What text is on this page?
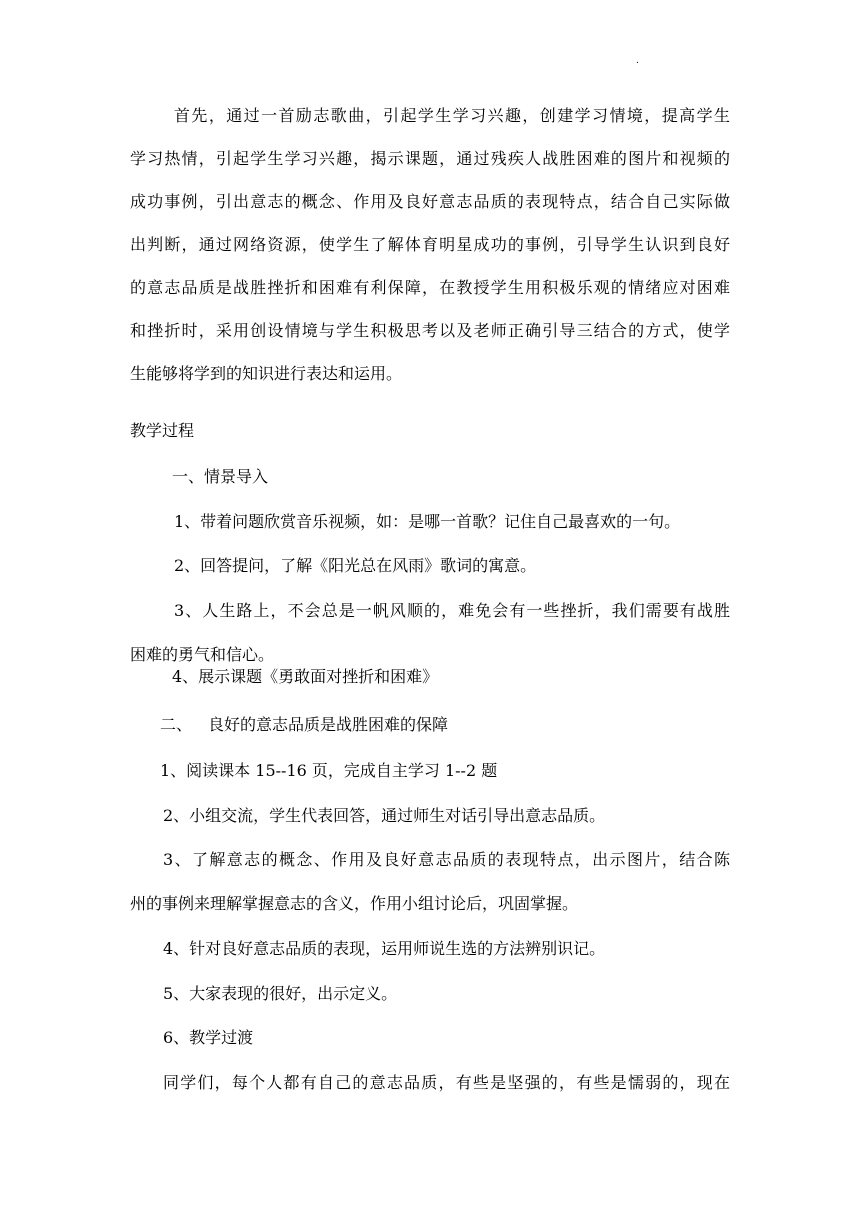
.
首先，通过一首励志歌曲，引起学生学习兴趣，创建学习情境，提高学生
学习热情，引起学生学习兴趣，揭示课题，通过残疾人战胜困难的图片和视频的
成功事例，引出意志的概念、作用及良好意志品质的表现特点，结合自己实际做
出判断，通过网络资源，使学生了解体育明星成功的事例，引导学生认识到良好
的意志品质是战胜挫折和困难有利保障，在教授学生用积极乐观的情绪应对困难
和挫折时，采用创设情境与学生积极思考以及老师正确引导三结合的方式，使学
生能够将学到的知识进行表达和运用。
教学过程
一、情景导入
1、带着问题欣赏音乐视频，如：是哪一首歌？记住自己最喜欢的一句。
2、回答提问，了解《阳光总在风雨》歌词的寓意。
3、人生路上，不会总是一帆风顺的，难免会有一些挫折，我们需要有战胜
困难的勇气和信心。
4、展示课题《勇敢面对挫折和困难》
二、 良好的意志品质是战胜困难的保障
1、阅读课本 15--16 页，完成自主学习 1--2 题
2、小组交流，学生代表回答，通过师生对话引导出意志品质。
3、了解意志的概念、作用及良好意志品质的表现特点，出示图片，结合陈
州的事例来理解掌握意志的含义，作用小组讨论后，巩固掌握。
4、针对良好意志品质的表现，运用师说生选的方法辨别识记。
5、大家表现的很好，出示定义。
6、教学过渡
同学们，每个人都有自己的意志品质，有些是坚强的，有些是懦弱的，现在
